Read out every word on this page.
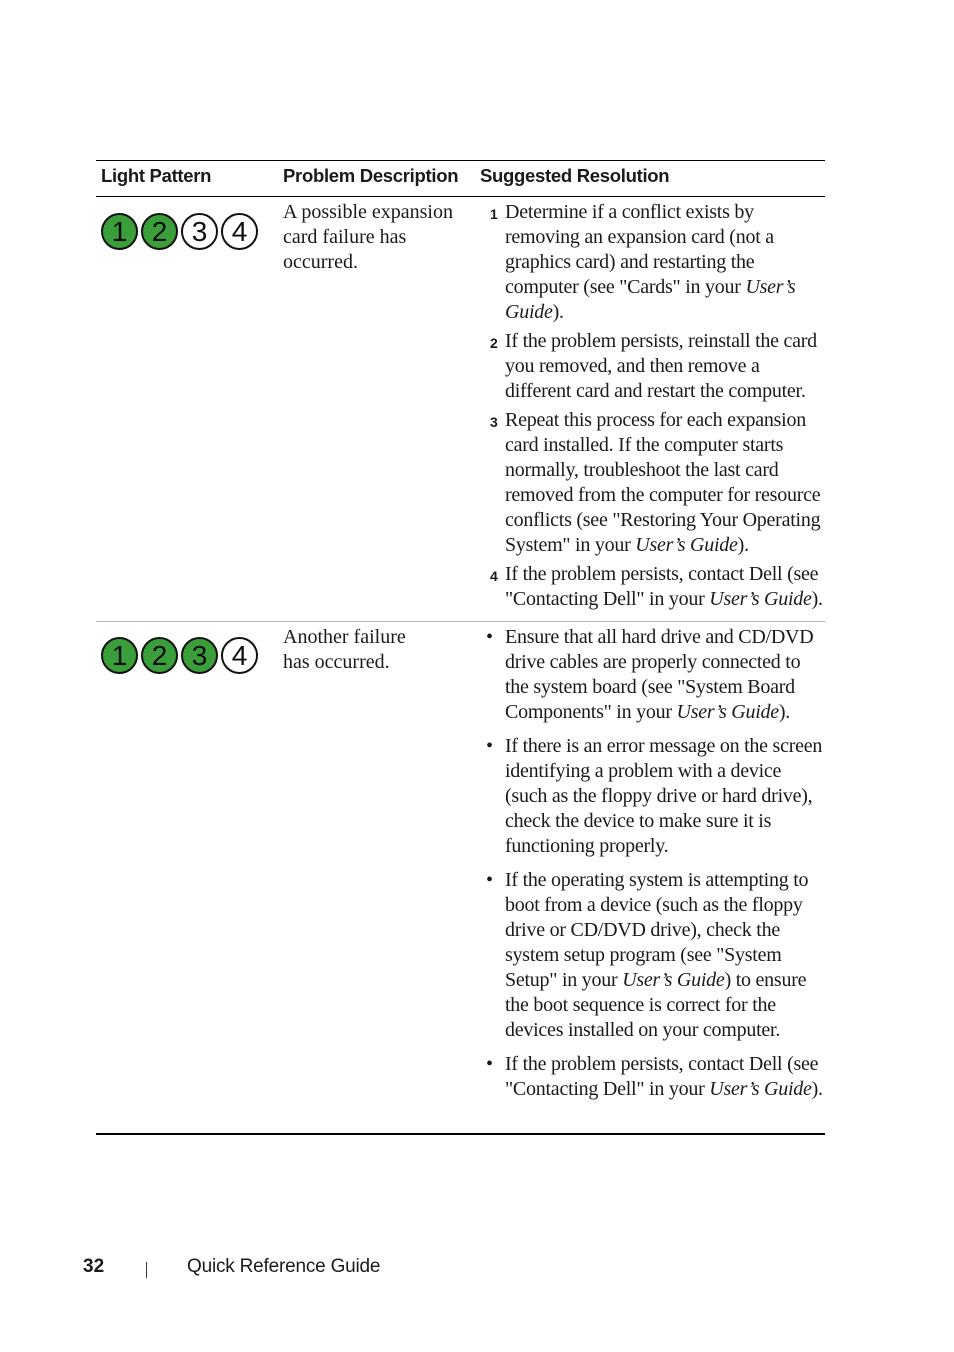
Light Pattern	Problem Description Suggested Resolution
1 2 3 4
A possible expansion card failure has occurred.
1 Determine if a conflict exists by removing an expansion card (not a graphics card) and restarting the computer (see "Cards" in your User’s Guide).
2 If the problem persists, reinstall the card you removed, and then remove a different card and restart the computer.
3 Repeat this process for each expansion card installed. If the computer starts normally, troubleshoot the last card removed from the computer for resource conflicts (see "Restoring Your Operating System" in your User’s Guide).
4 If the problem persists, contact Dell (see "Contacting Dell" in your User’s Guide).
1 2 3 4
Another failure has occurred.
• Ensure that all hard drive and CD/DVD drive cables are properly connected to the system board (see "System Board Components" in your User’s Guide).
• If there is an error message on the screen identifying a problem with a device (such as the floppy drive or hard drive), check the device to make sure it is functioning properly.
• If the operating system is attempting to boot from a device (such as the floppy drive or CD/DVD drive), check the system setup program (see "System Setup" in your User’s Guide) to ensure the boot sequence is correct for the devices installed on your computer.
• If the problem persists, contact Dell (see "Contacting Dell" in your User’s Guide).
32	Quick Reference Guide
